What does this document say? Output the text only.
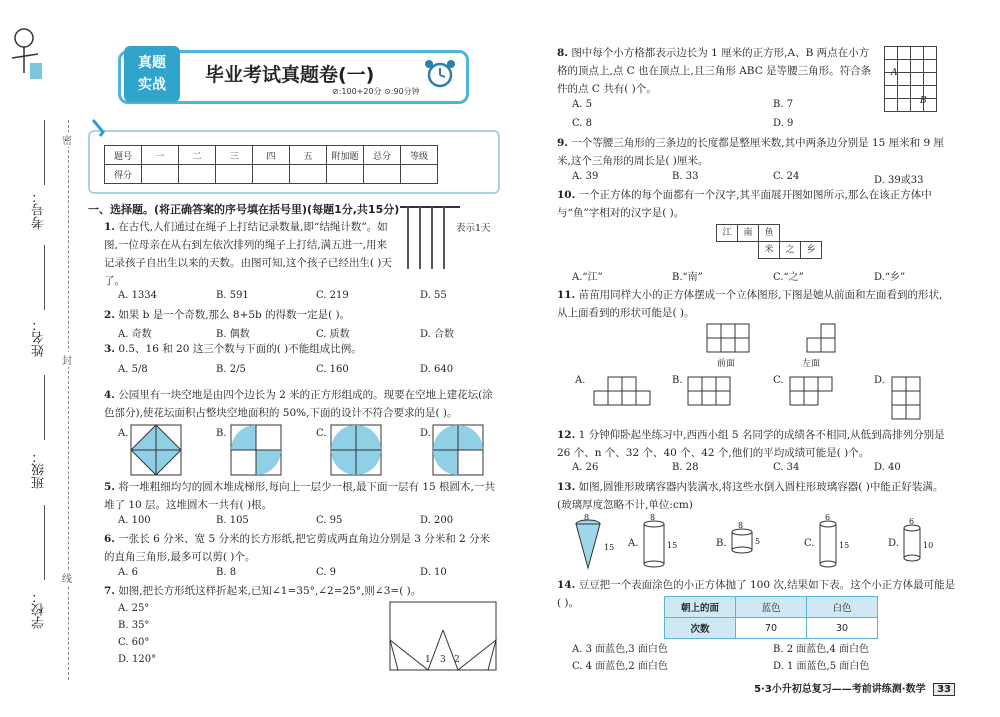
考号：
姓名：
班级：
学校：
密
封
线
真题
实战	毕业考试真题卷(一)
⊘:100+20分 ⊙:90分钟
题号	一	二	三	四	五	附加题	总分	等级
得分								
一、选择题。(将正确答案的序号填在括号里)(每题1分,共15分)
1. 在古代,人们通过在绳子上打结记录数量,即“结绳计数”。如图,一位母亲在从右到左依次排列的绳子上打结,满五进一,用来记录孩子自出生以来的天数。由图可知,这个孩子已经出生( )天了。
表示1天
A. 1334	B. 591	C. 219	D. 55
2. 如果 b 是一个奇数,那么 8+5b 的得数一定是( )。
A. 奇数	B. 偶数	C. 质数	D. 合数
3. 0.5、16 和 20 这三个数与下面的( )不能组成比例。
A. 5/8	B. 2/5	C. 160	D. 640
4. 公园里有一块空地是由四个边长为 2 米的正方形组成的。现要在空地上建花坛(涂色部分),使花坛面积占整块空地面积的 50%,下面的设计不符合要求的是( )。
A.	B.	C.	D.
5. 将一堆粗细均匀的圆木堆成梯形,每向上一层少一根,最下面一层有 15 根圆木,一共堆了 10 层。这堆圆木一共有( )根。
A. 100	B. 105	C. 95	D. 200
6. 一张长 6 分米、宽 5 分米的长方形纸,把它剪成两直角边分别是 3 分米和 2 分米的直角三角形,最多可以剪( )个。
A. 6	B. 8	C. 9	D. 10
7. 如图,把长方形纸这样折起来,已知∠1=35°,∠2=25°,则∠3=( )。
A. 25°
B. 35°
C. 60°
D. 120°	1 3 2
8. 图中每个小方格都表示边长为 1 厘米的正方形,A、B 两点在小方格的顶点上,点 C 也在顶点上,且三角形 ABC 是等腰三角形。符合条件的点 C 共有( )个。

A
B
A. 5	B. 7
C. 8	D. 9
9. 一个等腰三角形的三条边的长度都是整厘米数,其中两条边分别是 15 厘米和 9 厘米,这个三角形的周长是( )厘米。
A. 39	B. 33	C. 24	D. 39或33
10. 一个正方体的每个面都有一个汉字,其平面展开图如图所示,那么在该正方体中与“鱼”字相对的汉字是( )。
江	南	鱼
米	之	乡
A.“江”	B.“南”	C.“之”	D.“乡”
11. 苗苗用同样大小的正方体摆成一个立体图形,下图是她从前面和左面看到的形状,从上面看到的形状可能是( )。
前面	左面
A.	B.	C.	D.
12. 1 分钟仰卧起坐练习中,西西小组 5 名同学的成绩各不相同,从低到高排列分别是 26 个、n 个、32 个、40 个、42 个,他们的平均成绩可能是( )个。
A. 26	B. 28	C. 34	D. 40
13. 如图,圆锥形玻璃容器内装满水,将这些水倒入圆柱形玻璃容器( )中能正好装满。(玻璃厚度忽略不计,单位:cm)
8
15 A.
8
15	B.
8
5	C.
6
15	D.
6
10
14. 豆豆把一个表面涂色的小正方体抛了 100 次,结果如下表。这个小正方体最可能是( )。	朝上的面	蓝色	白色
次数	70	30
A. 3 面蓝色,3 面白色	B. 2 面蓝色,4 面白色
C. 4 面蓝色,2 面白色	D. 1 面蓝色,5 面白色
5·3小升初总复习——考前讲练测·数学 33
